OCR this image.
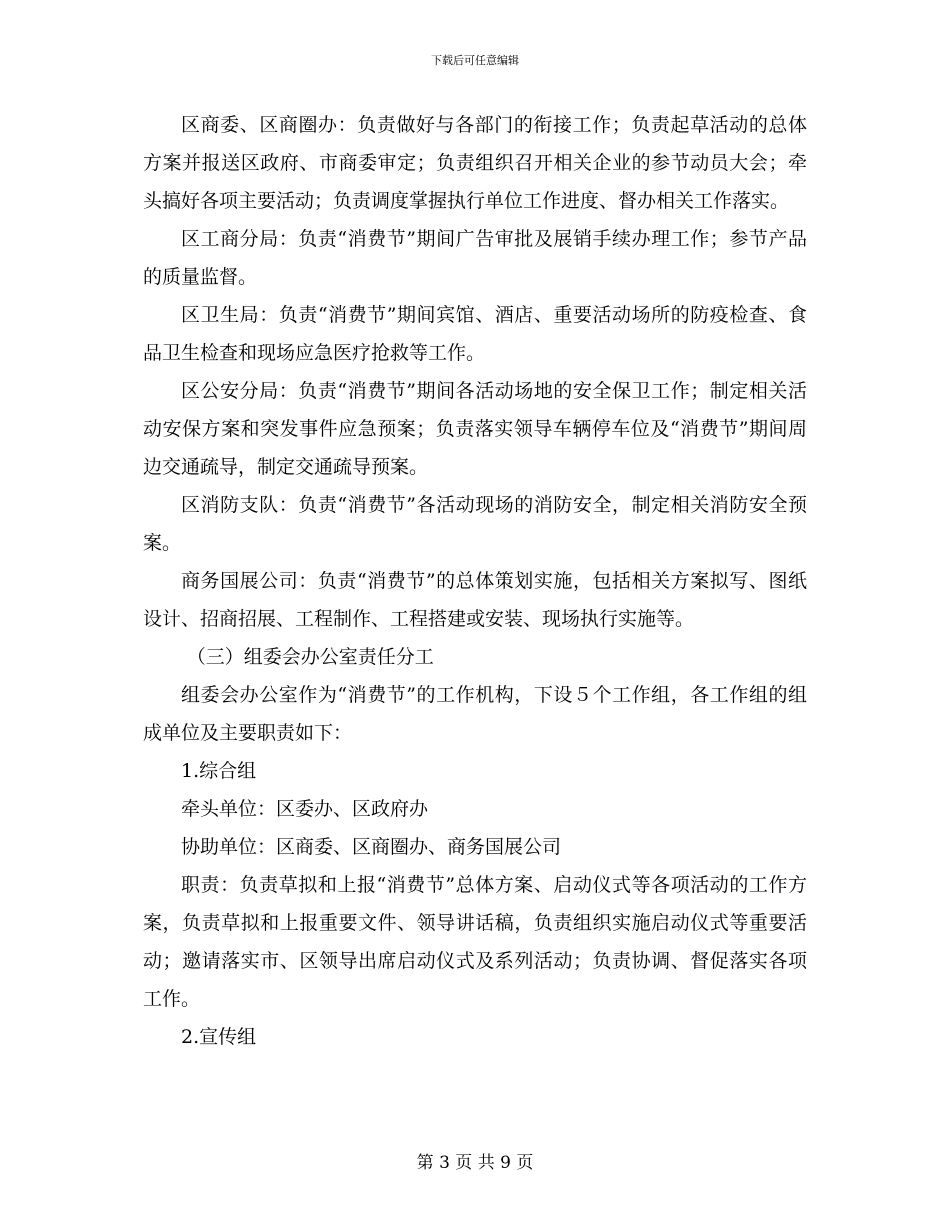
下载后可任意编辑

区商委、区商圈办：负责做好与各部门的衔接工作；负责起草活动的总体方案并报送区政府、市商委审定；负责组织召开相关企业的参节动员大会；牵头搞好各项主要活动；负责调度掌握执行单位工作进度、督办相关工作落实。

区工商分局：负责“消费节”期间广告审批及展销手续办理工作；参节产品的质量监督。

区卫生局：负责“消费节”期间宾馆、酒店、重要活动场所的防疫检查、食品卫生检查和现场应急医疗抢救等工作。

区公安分局：负责“消费节”期间各活动场地的安全保卫工作；制定相关活动安保方案和突发事件应急预案；负责落实领导车辆停车位及“消费节”期间周边交通疏导，制定交通疏导预案。

区消防支队：负责“消费节”各活动现场的消防安全，制定相关消防安全预案。

商务国展公司：负责“消费节”的总体策划实施，包括相关方案拟写、图纸设计、招商招展、工程制作、工程搭建或安装、现场执行实施等。

（三）组委会办公室责任分工

组委会办公室作为“消费节”的工作机构，下设５个工作组，各工作组的组成单位及主要职责如下：

1.综合组

牵头单位：区委办、区政府办

协助单位：区商委、区商圈办、商务国展公司

职责：负责草拟和上报“消费节”总体方案、启动仪式等各项活动的工作方案，负责草拟和上报重要文件、领导讲话稿，负责组织实施启动仪式等重要活动；邀请落实市、区领导出席启动仪式及系列活动；负责协调、督促落实各项工作。

2.宣传组

第 3 页 共 9 页
